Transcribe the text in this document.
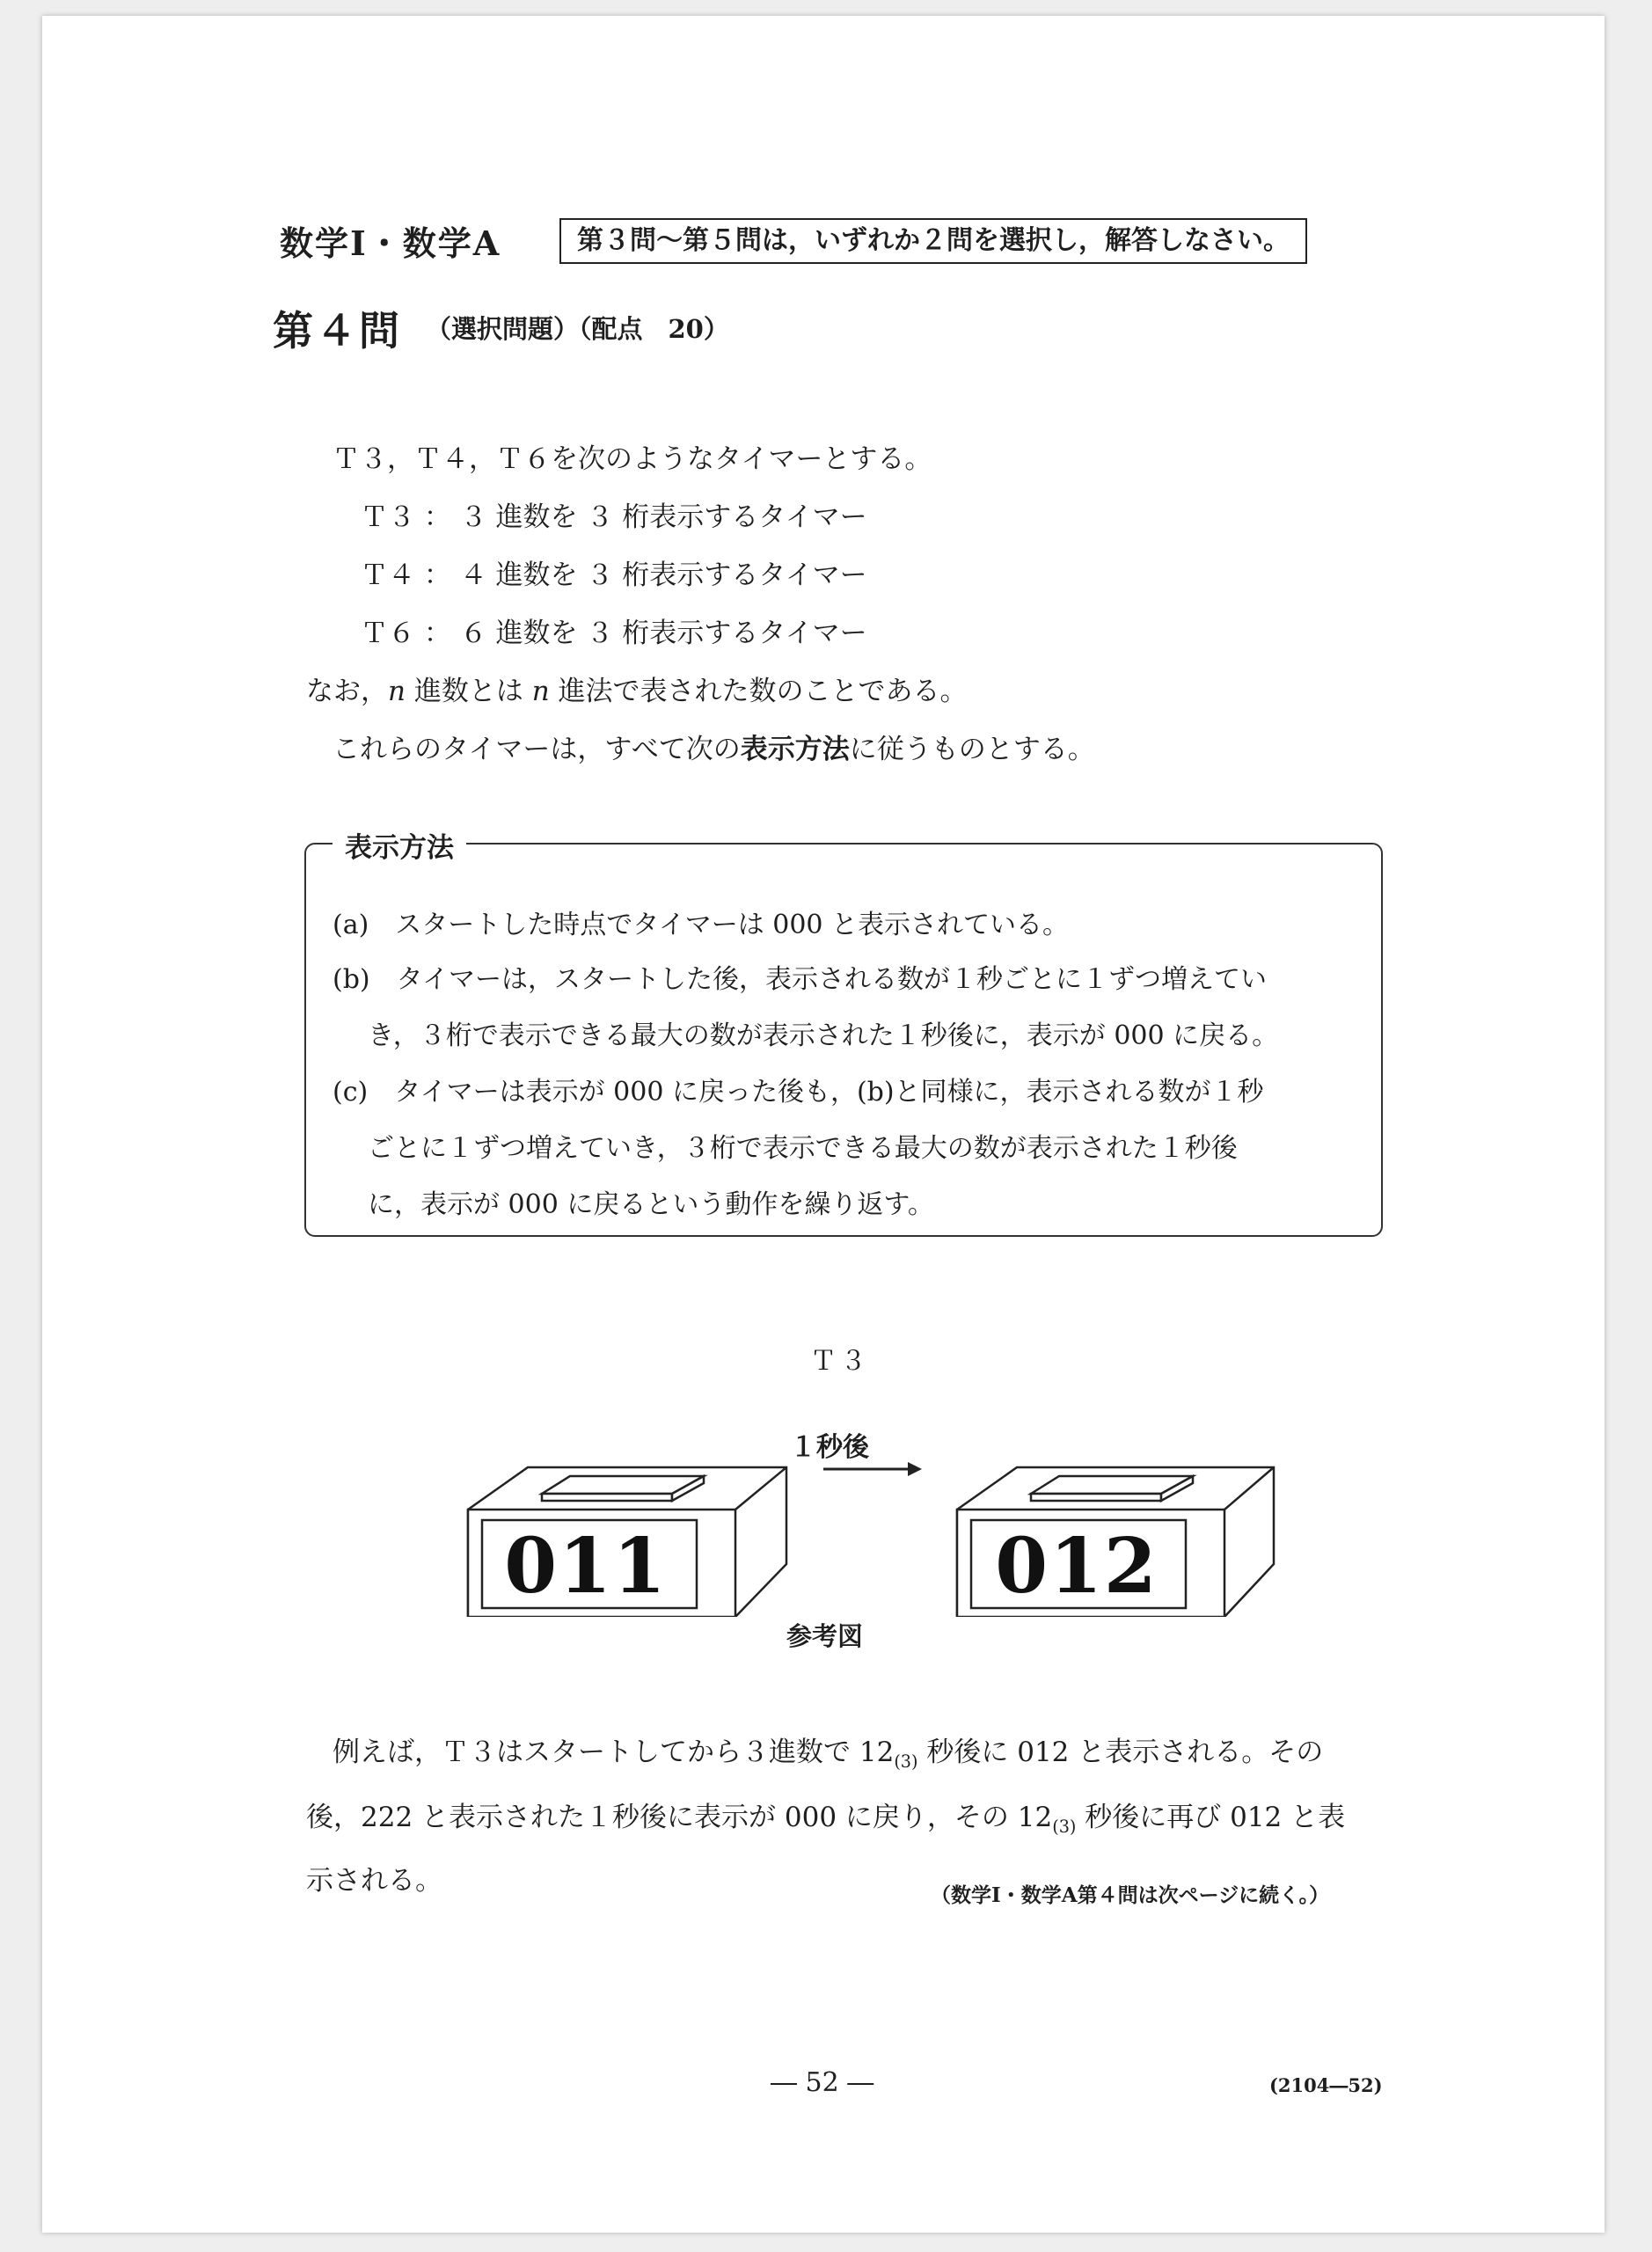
数学Ⅰ・数学A	第３問～第５問は，いずれか２問を選択し，解答しなさい。
第４問 （選択問題）（配点　20）
Ｔ３，Ｔ４，Ｔ６を次のようなタイマーとする。
Ｔ３ ： ３ 進数を ３ 桁表示するタイマー
Ｔ４ ： ４ 進数を ３ 桁表示するタイマー
Ｔ６ ： ６ 進数を ３ 桁表示するタイマー
なお，n 進数とは n 進法で表された数のことである。
これらのタイマーは，すべて次の表示方法に従うものとする。
表示方法
(a)　スタートした時点でタイマーは 000 と表示されている。
(b)　タイマーは，スタートした後，表示される数が１秒ごとに１ずつ増えてい
き，３桁で表示できる最大の数が表示された１秒後に，表示が 000 に戻る。
(c)　タイマーは表示が 000 に戻った後も，(b)と同様に，表示される数が１秒
ごとに１ずつ増えていき，３桁で表示できる最大の数が表示された１秒後
に，表示が 000 に戻るという動作を繰り返す。
Ｔ３
１秒後
011	012
参考図
例えば，Ｔ３はスタートしてから３進数で $12_{(3)}$ 秒後に 012 と表示される。その
後，222 と表示された１秒後に表示が 000 に戻り，その $12_{(3)}$ 秒後に再び 012 と表
示される。	（数学Ⅰ・数学A第４問は次ページに続く。）
― 52 ―	(2104―52)
